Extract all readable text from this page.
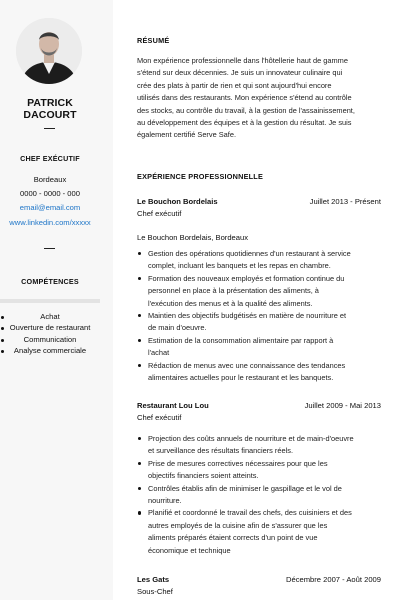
PATRICK DACOURT
CHEF EXÉCUTIF
Bordeaux
0000 - 0000 - 000
email@email.com
www.linkedin.com/xxxxx
COMPÉTENCES
Achat
Ouverture de restaurant
Communication
Analyse commerciale
RÉSUMÉ
Mon expérience professionnelle dans l'hôtellerie haut de gamme
s'étend sur deux décennies. Je suis un innovateur culinaire qui
crée des plats à partir de rien et qui sont aujourd'hui encore
utilisés dans des restaurants. Mon expérience s'étend au contrôle
des stocks, au contrôle du travail, à la gestion de l'assainissement,
au développement des équipes et à la gestion du résultat. Je suis
également certifié Serve Safe.
EXPÉRIENCE PROFESSIONNELLE
Le Bouchon Bordelais	Juillet 2013 - Présent
Chef exécutif
Le Bouchon Bordelais, Bordeaux
Gestion des opérations quotidiennes d'un restaurant à service
complet, incluant les banquets et les repas en chambre.
Formation des nouveaux employés et formation continue du
personnel en place à la présentation des aliments, à
l'exécution des menus et à la qualité des aliments.
Maintien des objectifs budgétisés en matière de nourriture et
de main d'oeuvre.
Estimation de la consommation alimentaire par rapport à
l'achat
Rédaction de menus avec une connaissance des tendances
alimentaires actuelles pour le restaurant et les banquets.
Restaurant Lou Lou	Juillet 2009 - Mai 2013
Chef exécutif
Projection des coûts annuels de nourriture et de main-d'oeuvre
et surveillance des résultats financiers réels.
Prise de mesures correctives nécessaires pour que les
objectifs financiers soient atteints.
Contrôles établis afin de minimiser le gaspillage et le vol de
nourriture.
Planifié et coordonné le travail des chefs, des cuisiniers et des
autres employés de la cuisine afin de s'assurer que les
aliments préparés étaient corrects d'un point de vue
économique et technique
Les Gats	Décembre 2007 - Août 2009
Sous-Chef
